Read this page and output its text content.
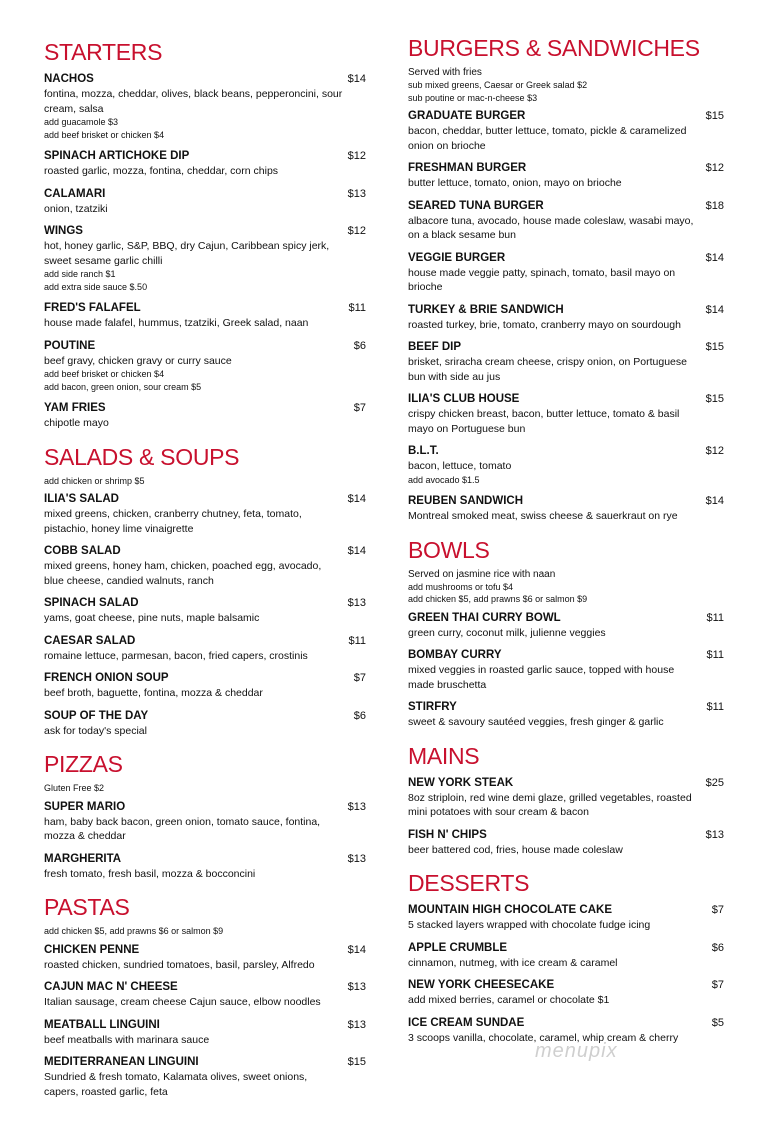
STARTERS
NACHOS	$14
fontina, mozza, cheddar, olives, black beans, pepperoncini, sour cream, salsa
add guacamole $3
add beef brisket or chicken $4
SPINACH ARTICHOKE DIP	$12
roasted garlic, mozza, fontina, cheddar, corn chips
CALAMARI	$13
onion, tzatziki
WINGS	$12
hot, honey garlic, S&P, BBQ, dry Cajun, Caribbean spicy jerk, sweet sesame garlic chilli
add side ranch $1
add extra side sauce $.50
FRED'S FALAFEL	$11
house made falafel, hummus, tzatziki, Greek salad, naan
POUTINE	$6
beef gravy, chicken gravy or curry sauce
add beef brisket or chicken $4
add bacon, green onion, sour cream $5
YAM FRIES	$7
chipotle mayo
SALADS & SOUPS
add chicken or shrimp $5
ILIA'S SALAD	$14
mixed greens, chicken, cranberry chutney, feta, tomato, pistachio, honey lime vinaigrette
COBB SALAD	$14
mixed greens, honey ham, chicken, poached egg, avocado, blue cheese, candied walnuts, ranch
SPINACH SALAD	$13
yams, goat cheese, pine nuts, maple balsamic
CAESAR SALAD	$11
romaine lettuce, parmesan, bacon, fried capers, crostinis
FRENCH ONION SOUP	$7
beef broth, baguette, fontina, mozza & cheddar
SOUP OF THE DAY	$6
ask for today's special
PIZZAS
Gluten Free $2
SUPER MARIO	$13
ham, baby back bacon, green onion, tomato sauce, fontina, mozza & cheddar
MARGHERITA	$13
fresh tomato, fresh basil, mozza & bocconcini
PASTAS
add chicken $5, add prawns $6 or salmon $9
CHICKEN PENNE	$14
roasted chicken, sundried tomatoes, basil, parsley, Alfredo
CAJUN MAC N' CHEESE	$13
Italian sausage, cream cheese Cajun sauce, elbow noodles
MEATBALL LINGUINI	$13
beef meatballs with marinara sauce
MEDITERRANEAN LINGUINI	$15
Sundried & fresh tomato, Kalamata olives, sweet onions, capers, roasted garlic, feta
BURGERS & SANDWICHES
Served with fries
sub mixed greens, Caesar or Greek salad $2
sub poutine or mac-n-cheese $3
GRADUATE BURGER	$15
bacon, cheddar, butter lettuce, tomato, pickle & caramelized onion on brioche
FRESHMAN BURGER	$12
butter lettuce, tomato, onion, mayo on brioche
SEARED TUNA BURGER	$18
albacore tuna, avocado, house made coleslaw, wasabi mayo, on a black sesame bun
VEGGIE BURGER	$14
house made veggie patty, spinach, tomato, basil mayo on brioche
TURKEY & BRIE SANDWICH	$14
roasted turkey, brie, tomato, cranberry mayo on sourdough
BEEF DIP	$15
brisket, sriracha cream cheese, crispy onion, on Portuguese bun with side au jus
ILIA'S CLUB HOUSE	$15
crispy chicken breast, bacon, butter lettuce, tomato & basil mayo on Portuguese bun
B.L.T.	$12
bacon, lettuce, tomato
add avocado $1.5
REUBEN SANDWICH	$14
Montreal smoked meat, swiss cheese & sauerkraut on rye
BOWLS
Served on jasmine rice with naan
add mushrooms or tofu $4
add chicken $5, add prawns $6 or salmon $9
GREEN THAI CURRY BOWL	$11
green curry, coconut milk, julienne veggies
BOMBAY CURRY	$11
mixed veggies in roasted garlic sauce, topped with house made bruschetta
STIRFRY	$11
sweet & savoury sautéed veggies, fresh ginger & garlic
MAINS
NEW YORK STEAK	$25
8oz striploin, red wine demi glaze, grilled vegetables, roasted mini potatoes with sour cream & bacon
FISH N' CHIPS	$13
beer battered cod, fries, house made coleslaw
DESSERTS
MOUNTAIN HIGH CHOCOLATE CAKE	$7
5 stacked layers wrapped with chocolate fudge icing
APPLE CRUMBLE	$6
cinnamon, nutmeg, with ice cream & caramel
NEW YORK CHEESECAKE	$7
add mixed berries, caramel or chocolate $1
ICE CREAM SUNDAE	$5
3 scoops vanilla, chocolate, caramel, whip cream & cherry
menupix
